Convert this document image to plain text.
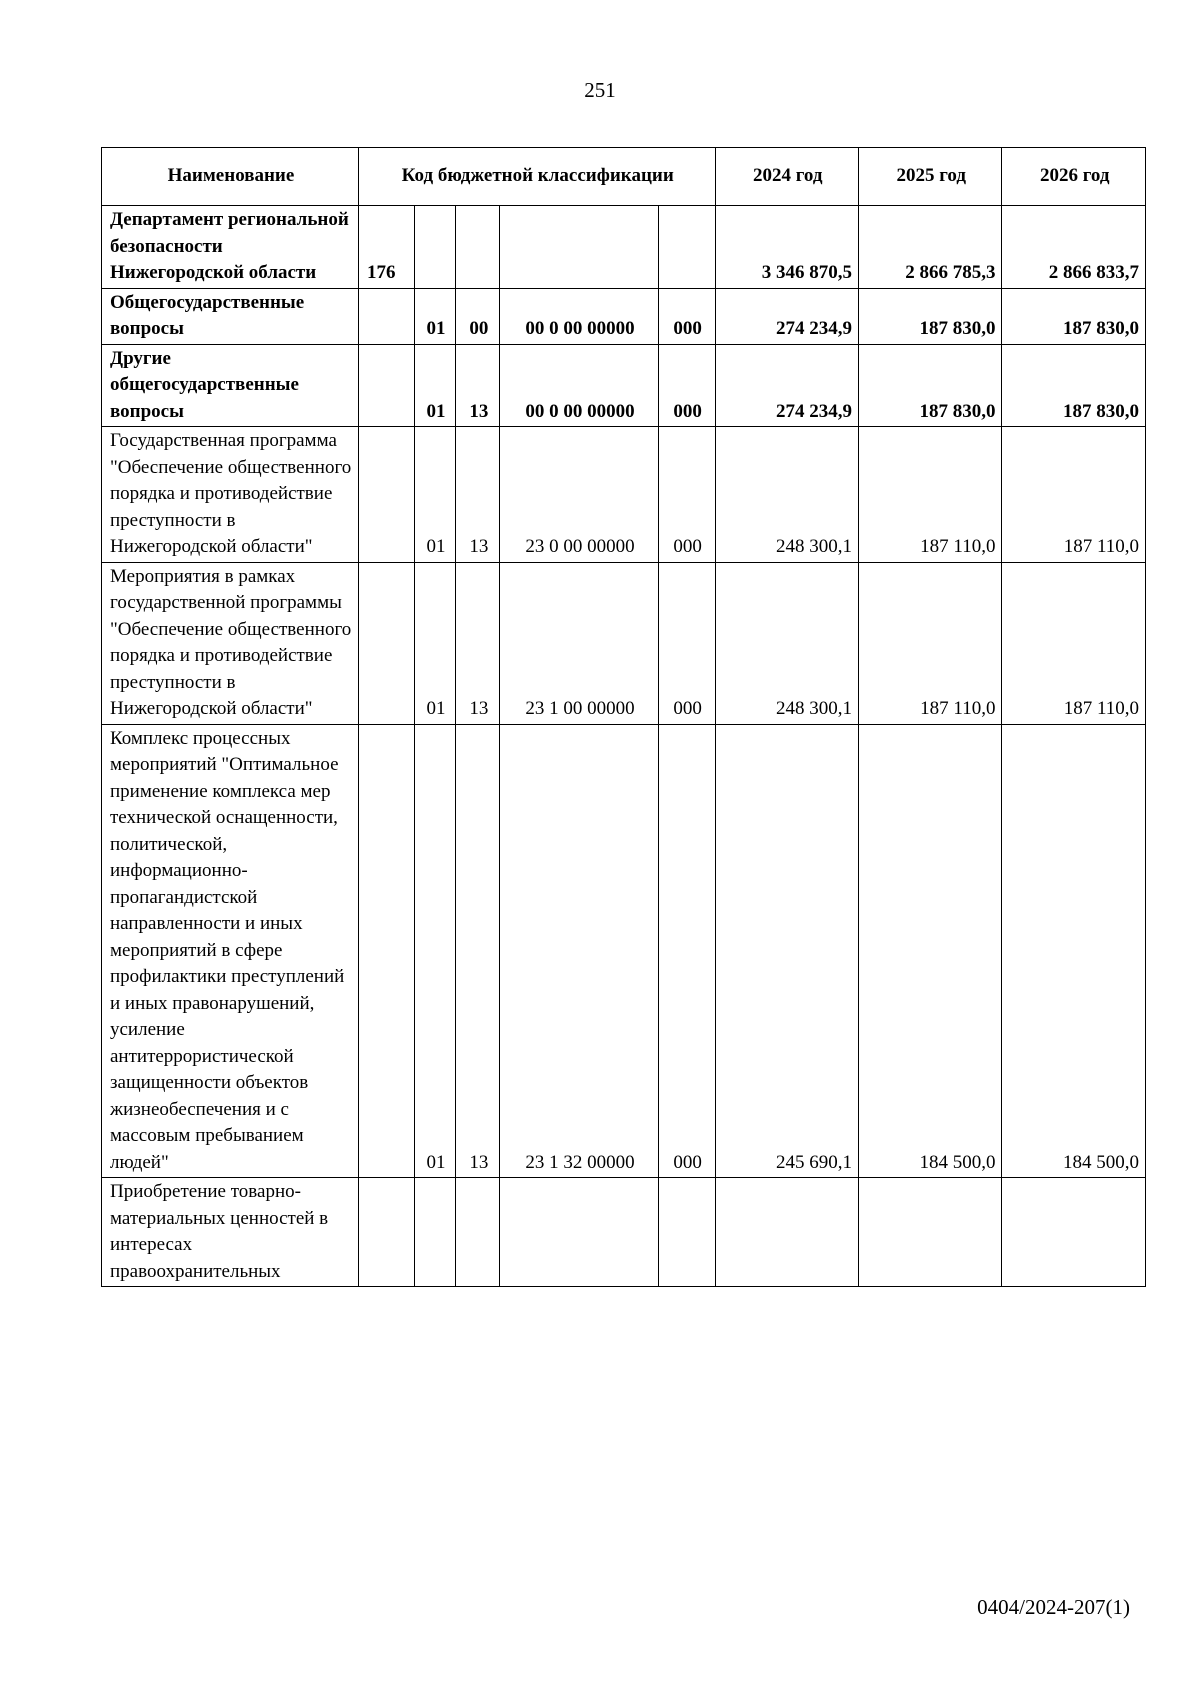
251
Наименование	Код бюджетной классификации					2024 год	2025 год	2026 год
Департамент региональной безопасности Нижегородской области	176					3 346 870,5	2 866 785,3	2 866 833,7
Общегосударственные вопросы		01	00	00 0 00 00000	000	274 234,9	187 830,0	187 830,0
Другие общегосударственные вопросы		01	13	00 0 00 00000	000	274 234,9	187 830,0	187 830,0
Государственная программа "Обеспечение общественного порядка и противодействие преступности в Нижегородской области"		01	13	23 0 00 00000	000	248 300,1	187 110,0	187 110,0
Мероприятия в рамках государственной программы "Обеспечение общественного порядка и противодействие преступности в Нижегородской области"		01	13	23 1 00 00000	000	248 300,1	187 110,0	187 110,0
Комплекс процессных мероприятий "Оптимальное применение комплекса мер технической оснащенности, политической, информационно-пропагандистской направленности и иных мероприятий в сфере профилактики преступлений и иных правонарушений, усиление антитеррористической защищенности объектов жизнеобеспечения и с массовым пребыванием людей"		01	13	23 1 32 00000	000	245 690,1	184 500,0	184 500,0
Приобретение товарно-материальных ценностей в интересах правоохранительных								
0404/2024-207(1)
